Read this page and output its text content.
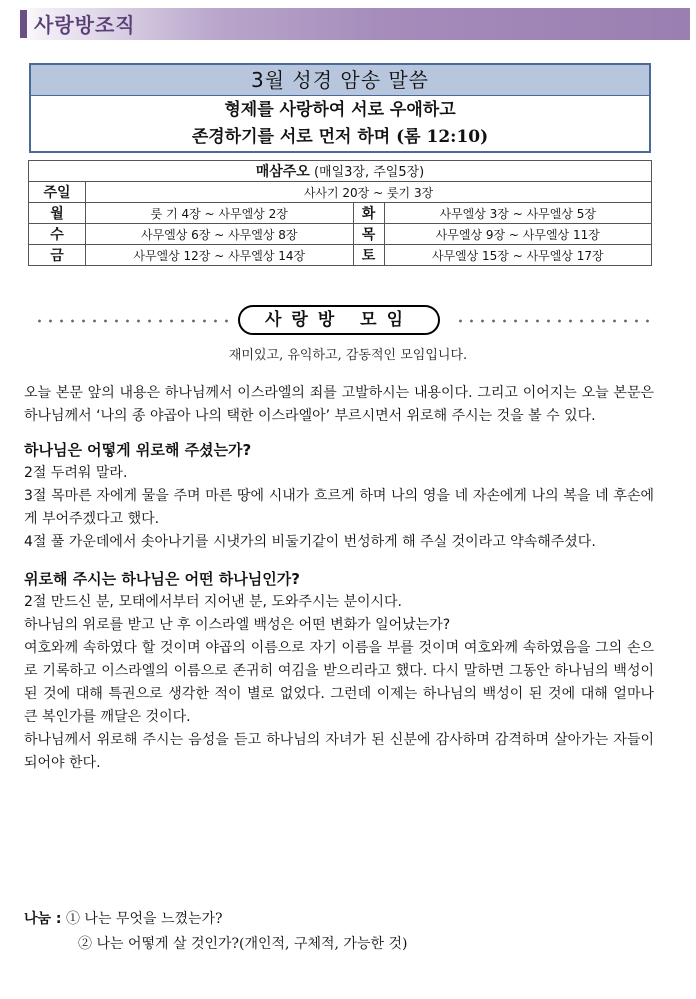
사랑방조직
3월 성경 암송 말씀
형제를 사랑하여 서로 우애하고
존경하기를 서로 먼저 하며 (롬 12:10)
매삼주오 (매일3장, 주일5장)			
주일	사사기 20장 ~ 룻기 3장		
월	룻 기 4장 ~ 사무엘상 2장	화	사무엘상 3장 ~ 사무엘상 5장
수	사무엘상 6장 ~ 사무엘상 8장	목	사무엘상 9장 ~ 사무엘상 11장
금	사무엘상 12장 ~ 사무엘상 14장	토	사무엘상 15장 ~ 사무엘상 17장
사랑방 모임
재미있고, 유익하고, 감동적인 모임입니다.

오늘 본문 앞의 내용은 하나님께서 이스라엘의 죄를 고발하시는 내용이다. 그리고 이어지는 오늘 본문은 하나님께서 ‘나의 종 야곱아 나의 택한 이스라엘아’ 부르시면서 위로해 주시는 것을 볼 수 있다.

하나님은 어떻게 위로해 주셨는가?

2절 두려워 말라.

3절 목마른 자에게 물을 주며 마른 땅에 시내가 흐르게 하며 나의 영을 네 자손에게 나의 복을 네 후손에게 부어주겠다고 했다.

4절 풀 가운데에서 솟아나기를 시냇가의 비둘기같이 번성하게 해 주실 것이라고 약속해주셨다.

위로해 주시는 하나님은 어떤 하나님인가?

2절 만드신 분, 모태에서부터 지어낸 분, 도와주시는 분이시다.

하나님의 위로를 받고 난 후 이스라엘 백성은 어떤 변화가 일어났는가?

여호와께 속하였다 할 것이며 야곱의 이름으로 자기 이름을 부를 것이며 여호와께 속하였음을 그의 손으로 기록하고 이스라엘의 이름으로 존귀히 여김을 받으리라고 했다. 다시 말하면 그동안 하나님의 백성이 된 것에 대해 특권으로 생각한 적이 별로 없었다. 그런데 이제는 하나님의 백성이 된 것에 대해 얼마나 큰 복인가를 깨달은 것이다.

하나님께서 위로해 주시는 음성을 듣고 하나님의 자녀가 된 신분에 감사하며 감격하며 살아가는 자들이 되어야 한다.

나눔 : ① 나는 무엇을 느꼈는가?
② 나는 어떻게 살 것인가?(개인적, 구체적, 가능한 것)
